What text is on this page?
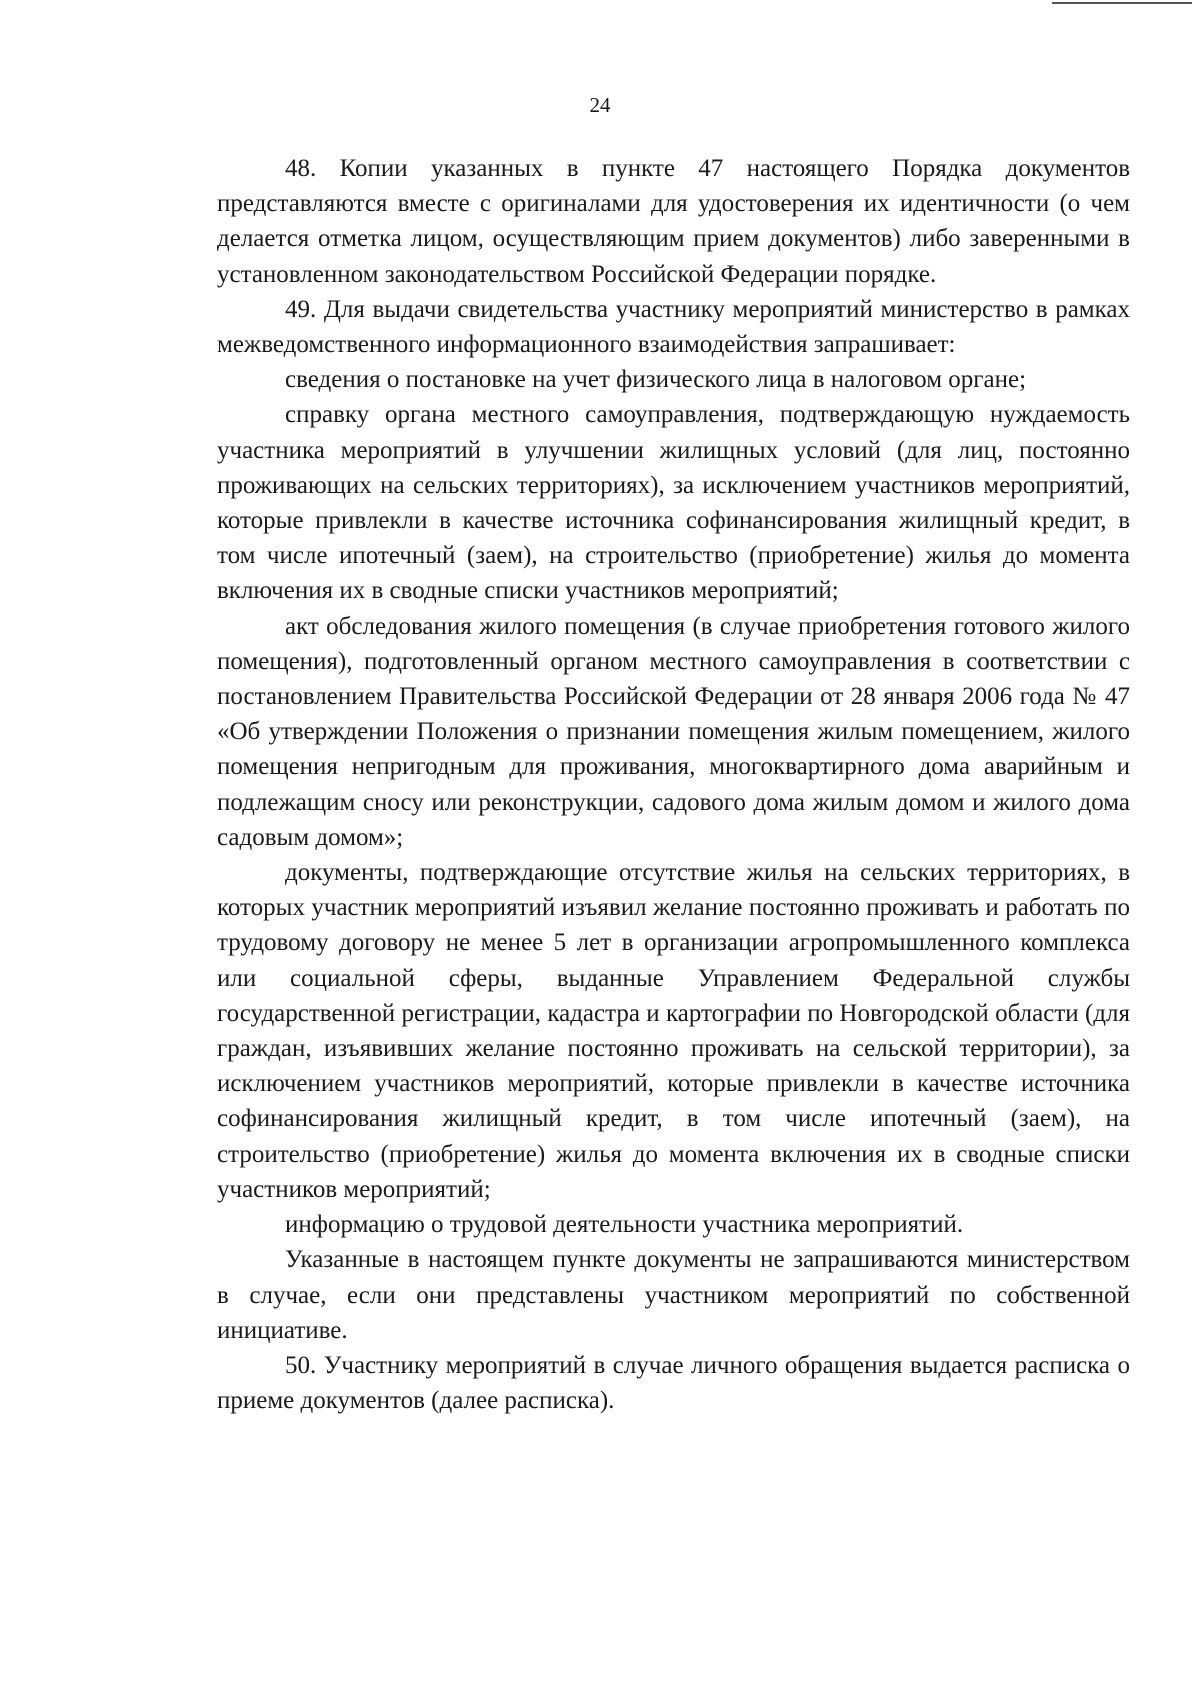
24

48. Копии указанных в пункте 47 настоящего Порядка документов представляются вместе с оригиналами для удостоверения их идентичности (о чем делается отметка лицом, осуществляющим прием документов) либо заверенными в установленном законодательством Российской Федерации порядке.

49. Для выдачи свидетельства участнику мероприятий министерство в рамках межведомственного информационного взаимодействия запрашивает:

сведения о постановке на учет физического лица в налоговом органе;

справку органа местного самоуправления, подтверждающую нуждаемость участника мероприятий в улучшении жилищных условий (для лиц, постоянно проживающих на сельских территориях), за исключением участников мероприятий, которые привлекли в качестве источника софинансирования жилищный кредит, в том числе ипотечный (заем), на строительство (приобретение) жилья до момента включения их в сводные списки участников мероприятий;

акт обследования жилого помещения (в случае приобретения готового жилого помещения), подготовленный органом местного самоуправления в соответствии с постановлением Правительства Российской Федерации от 28 января 2006 года № 47 «Об утверждении Положения о признании помещения жилым помещением, жилого помещения непригодным для проживания, многоквартирного дома аварийным и подлежащим сносу или реконструкции, садового дома жилым домом и жилого дома садовым домом»;

документы, подтверждающие отсутствие жилья на сельских территориях, в которых участник мероприятий изъявил желание постоянно проживать и работать по трудовому договору не менее 5 лет в организации агропромышленного комплекса или социальной сферы, выданные Управлением Федеральной службы государственной регистрации, кадастра и картографии по Новгородской области (для граждан, изъявивших желание постоянно проживать на сельской территории), за исключением участников мероприятий, которые привлекли в качестве источника софинансирования жилищный кредит, в том числе ипотечный (заем), на строительство (приобретение) жилья до момента включения их в сводные списки участников мероприятий;

информацию о трудовой деятельности участника мероприятий.

Указанные в настоящем пункте документы не запрашиваются министерством в случае, если они представлены участником мероприятий по собственной инициативе.

50. Участнику мероприятий в случае личного обращения выдается расписка о приеме документов (далее расписка).
